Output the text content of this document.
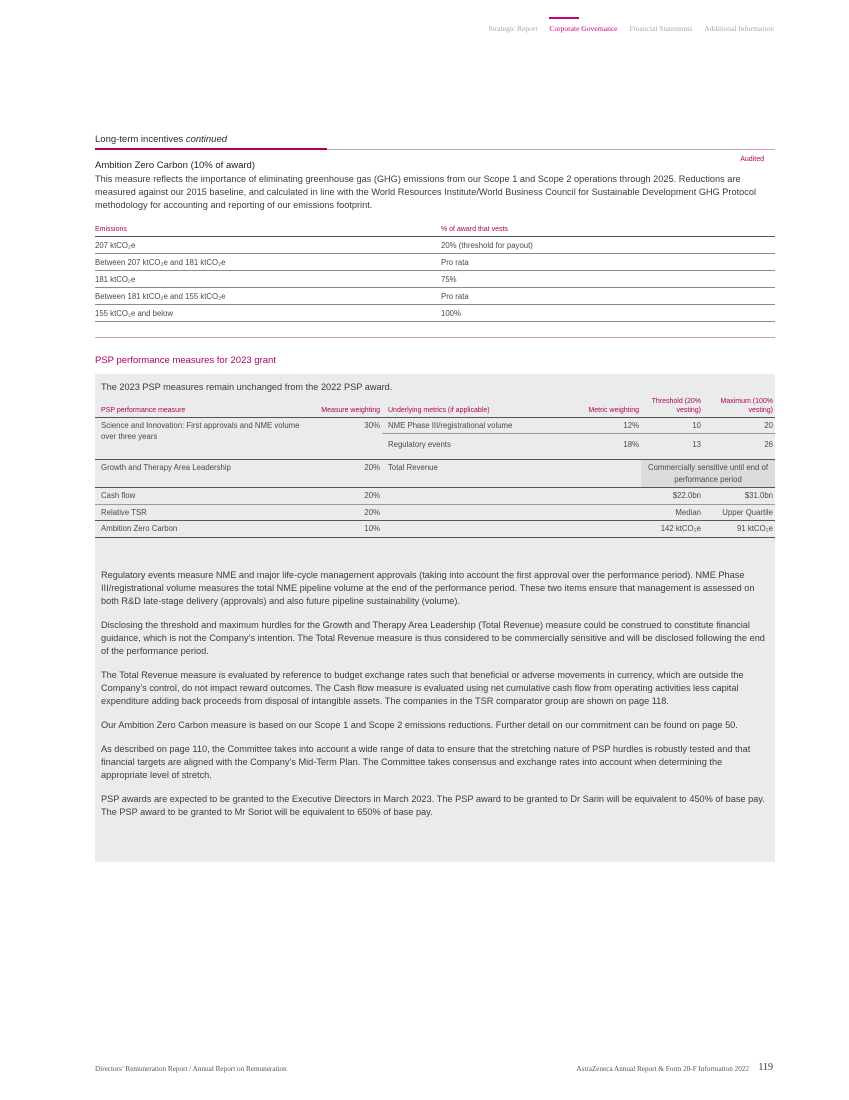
Strategic Report Corporate Governance Financial Statements Additional Information
Long-term incentives continued
Ambition Zero Carbon (10% of award)
Audited
This measure reflects the importance of eliminating greenhouse gas (GHG) emissions from our Scope 1 and Scope 2 operations through 2025. Reductions are measured against our 2015 baseline, and calculated in line with the World Resources Institute/World Business Council for Sustainable Development GHG Protocol methodology for accounting and reporting of our emissions footprint.
Emissions	% of award that vests
207 ktCO₂e	20% (threshold for payout)
Between 207 ktCO₂e and 181 ktCO₂e	Pro rata
181 ktCO₂e	75%
Between 181 ktCO₂e and 155 ktCO₂e	Pro rata
155 ktCO₂e and below	100%
PSP performance measures for 2023 grant
The 2023 PSP measures remain unchanged from the 2022 PSP award.
PSP performance measure	Measure weighting	Underlying metrics (if applicable)	Metric weighting	Threshold (20% vesting)	Maximum (100% vesting)
Science and Innovation: First approvals and NME volume over three years	30%	NME Phase III/registrational volume	12%	10	20
		Regulatory events	18%	13	26
Growth and Therapy Area Leadership	20%	Total Revenue		Commercially sensitive until end of performance period	
Cash flow	20%			$22.0bn	$31.0bn
Relative TSR	20%			Median	Upper Quartile
Ambition Zero Carbon	10%			142 ktCO₂e	91 ktCO₂e

Regulatory events measure NME and major life-cycle management approvals (taking into account the first approval over the performance period). NME Phase III/registrational volume measures the total NME pipeline volume at the end of the performance period. These two items ensure that management is assessed on both R&D late-stage delivery (approvals) and also future pipeline sustainability (volume).

Disclosing the threshold and maximum hurdles for the Growth and Therapy Area Leadership (Total Revenue) measure could be construed to constitute financial guidance, which is not the Company’s intention. The Total Revenue measure is thus considered to be commercially sensitive and will be disclosed following the end of the performance period.

The Total Revenue measure is evaluated by reference to budget exchange rates such that beneficial or adverse movements in currency, which are outside the Company’s control, do not impact reward outcomes. The Cash flow measure is evaluated using net cumulative cash flow from operating activities less capital expenditure adding back proceeds from disposal of intangible assets. The companies in the TSR comparator group are shown on page 118.

Our Ambition Zero Carbon measure is based on our Scope 1 and Scope 2 emissions reductions. Further detail on our commitment can be found on page 50.

As described on page 110, the Committee takes into account a wide range of data to ensure that the stretching nature of PSP hurdles is robustly tested and that financial targets are aligned with the Company’s Mid-Term Plan. The Committee takes consensus and exchange rates into account when determining the appropriate level of stretch.

PSP awards are expected to be granted to the Executive Directors in March 2023. The PSP award to be granted to Dr Sarin will be equivalent to 450% of base pay. The PSP award to be granted to Mr Soriot will be equivalent to 650% of base pay.

Directors’ Remuneration Report / Annual Report on Remuneration	AstraZeneca Annual Report & Form 20-F Information 2022 119
